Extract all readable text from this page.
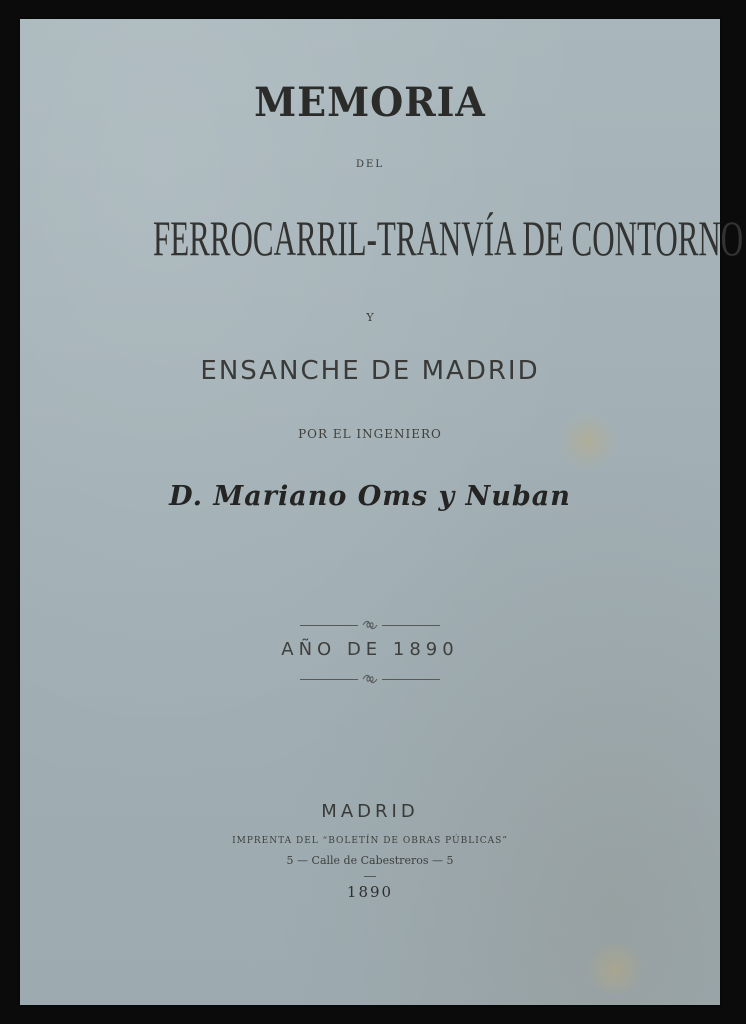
MEMORIA
DEL
FERROCARRIL-TRANVÍA DE CONTORNO
Y
ENSANCHE DE MADRID
POR EL INGENIERO
D. Mariano Oms y Nuban
AÑO DE 1890
MADRID
IMPRENTA DEL “BOLETÍN DE OBRAS PÚBLICAS”
5 — Calle de Cabestreros — 5
1890
